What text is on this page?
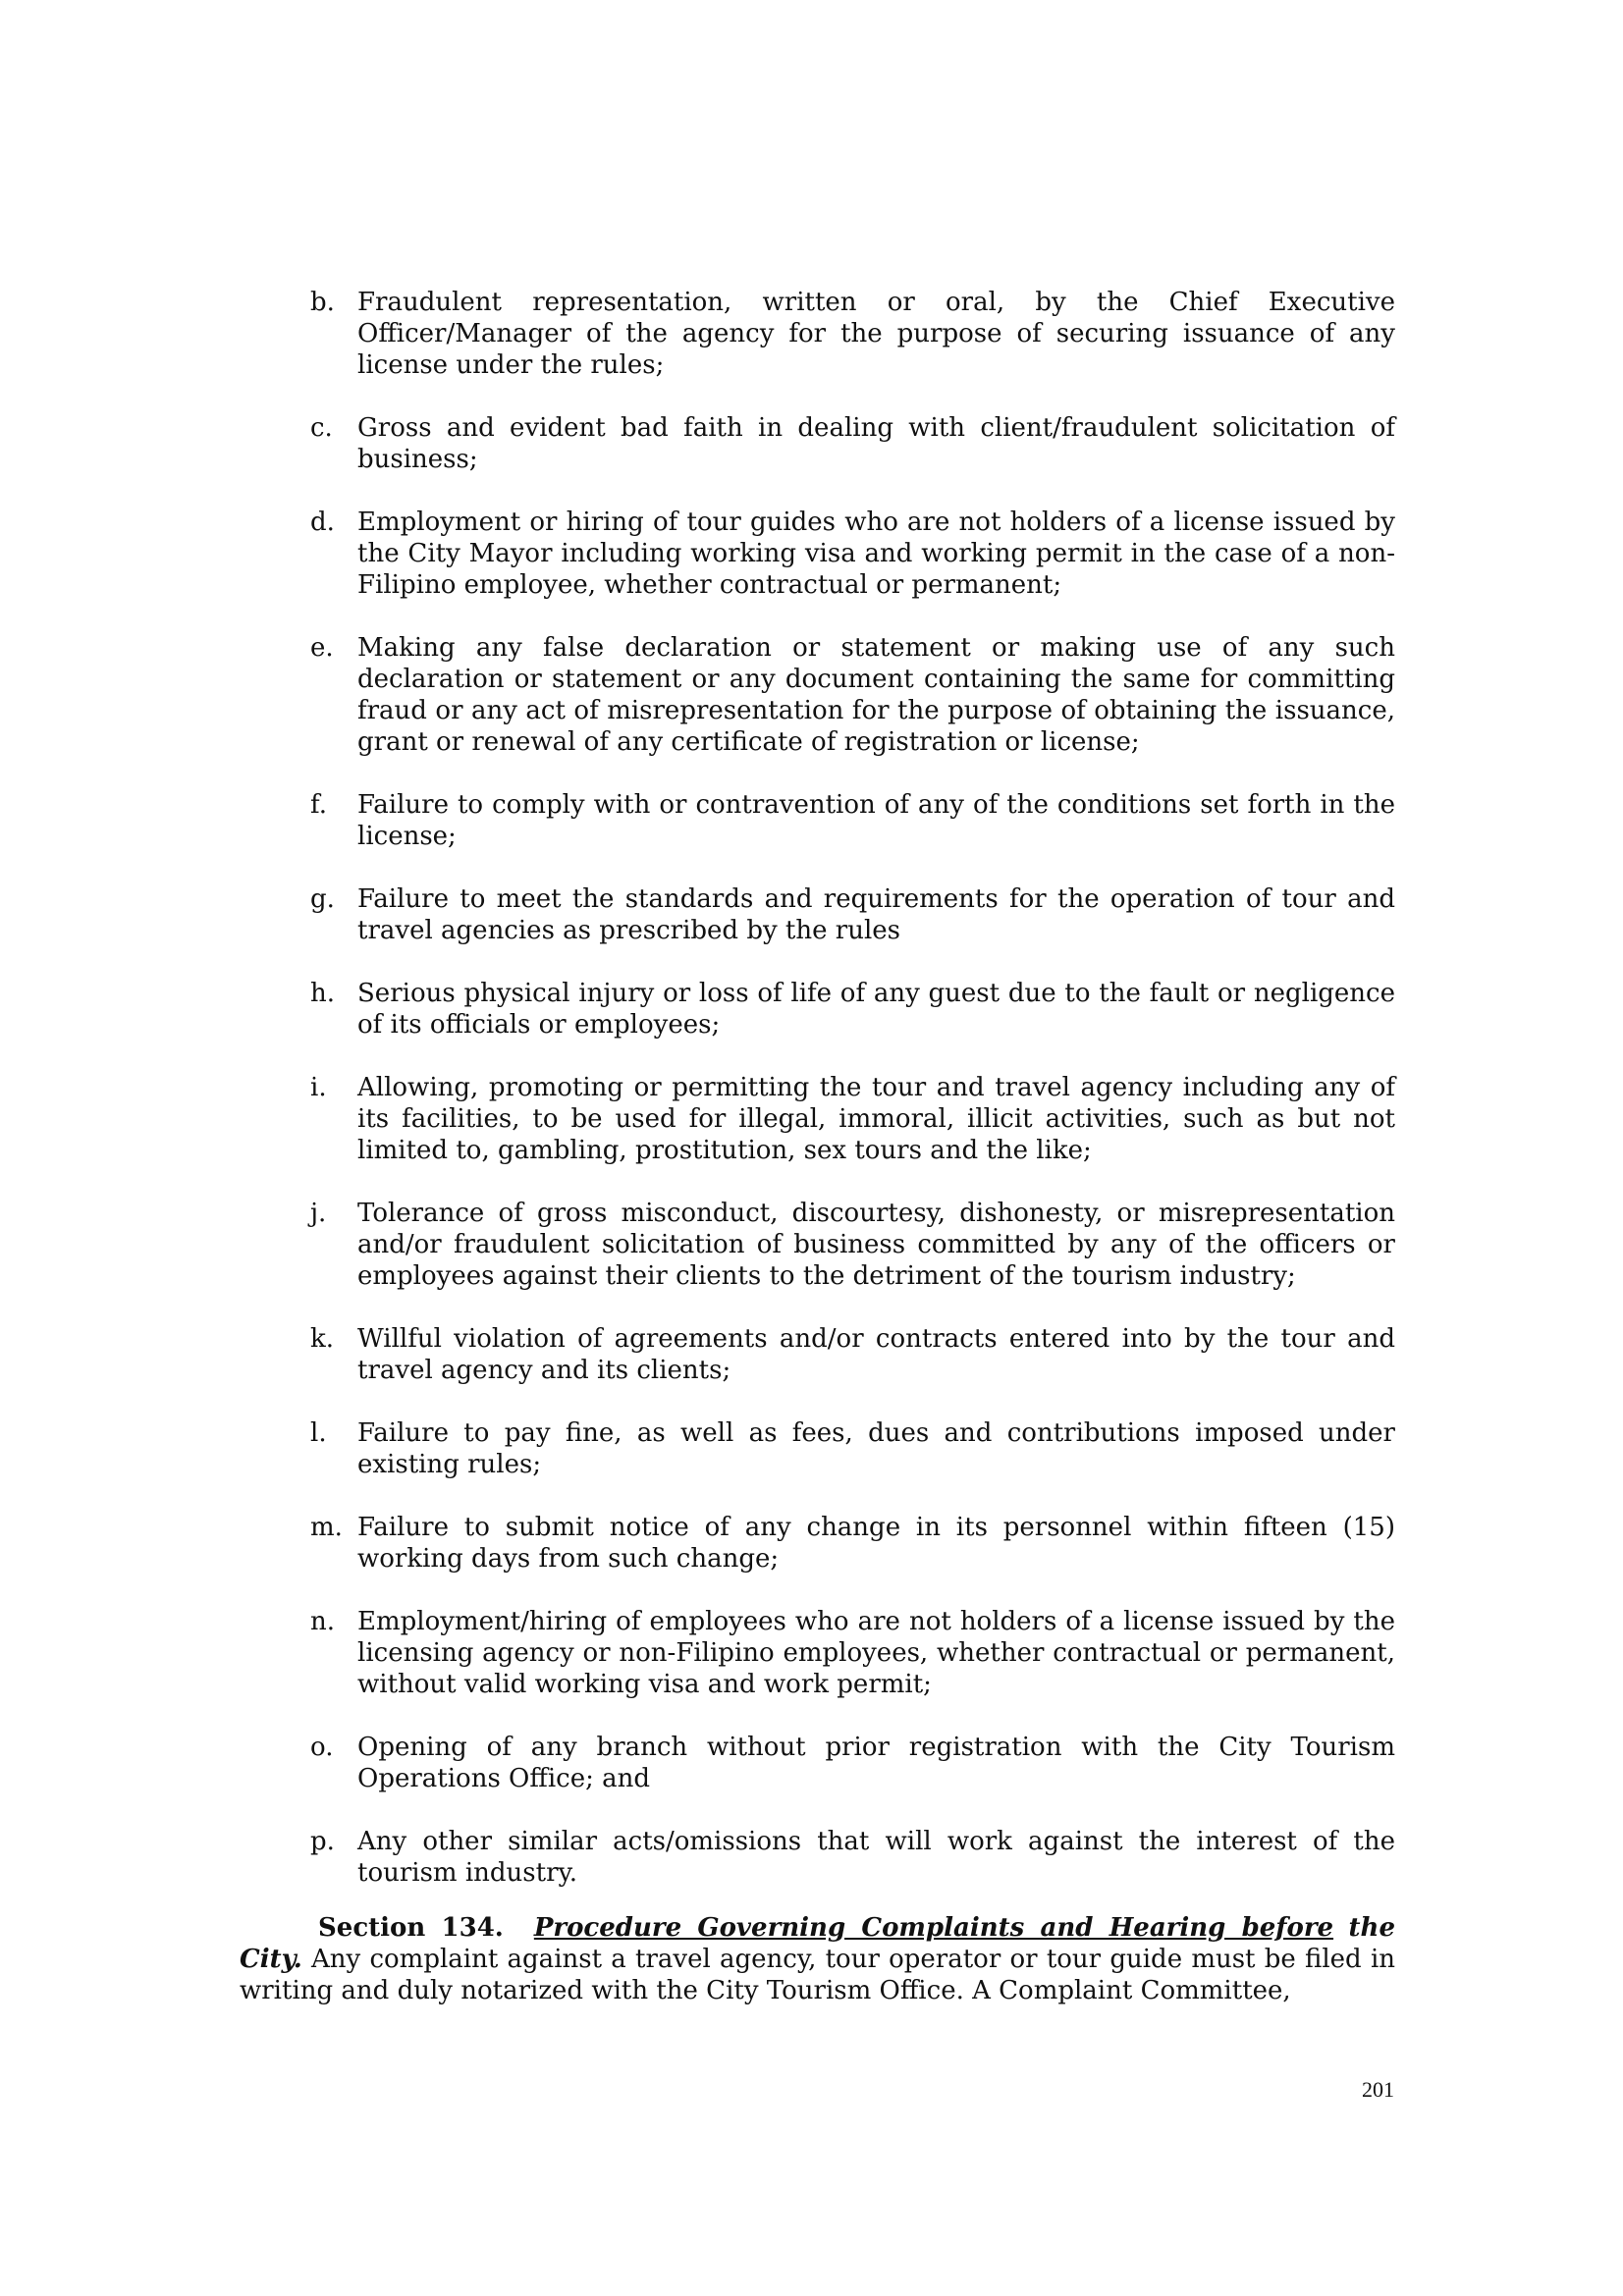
b. Fraudulent representation, written or oral, by the Chief Executive Officer/Manager of the agency for the purpose of securing issuance of any license under the rules;
c. Gross and evident bad faith in dealing with client/fraudulent solicitation of business;
d. Employment or hiring of tour guides who are not holders of a license issued by the City Mayor including working visa and working permit in the case of a non-Filipino employee, whether contractual or permanent;
e. Making any false declaration or statement or making use of any such declaration or statement or any document containing the same for committing fraud or any act of misrepresentation for the purpose of obtaining the issuance, grant or renewal of any certificate of registration or license;
f.	Failure to comply with or contravention of any of the conditions set forth in the license;
g. Failure to meet the standards and requirements for the operation of tour and travel agencies as prescribed by the rules
h. Serious physical injury or loss of life of any guest due to the fault or negligence of its officials or employees;
i.	Allowing, promoting or permitting the tour and travel agency including any of its facilities, to be used for illegal, immoral, illicit activities, such as but not limited to, gambling, prostitution, sex tours and the like;
j.	Tolerance of gross misconduct, discourtesy, dishonesty, or misrepresentation and/or fraudulent solicitation of business committed by any of the officers or employees against their clients to the detriment of the tourism industry;
k. Willful violation of agreements and/or contracts entered into by the tour and travel agency and its clients;
l.	Failure to pay fine, as well as fees, dues and contributions imposed under existing rules;
m. Failure to submit notice of any change in its personnel within fifteen (15) working days from such change;
n. Employment/hiring of employees who are not holders of a license issued by the licensing agency or non-Filipino employees, whether contractual or permanent, without valid working visa and work permit;
o. Opening of any branch without prior registration with the City Tourism Operations Office; and
p. Any other similar acts/omissions that will work against the interest of the tourism industry.

Section 134. Procedure Governing Complaints and Hearing before the City. Any complaint against a travel agency, tour operator or tour guide must be filed in writing and duly notarized with the City Tourism Office. A Complaint Committee,

201
